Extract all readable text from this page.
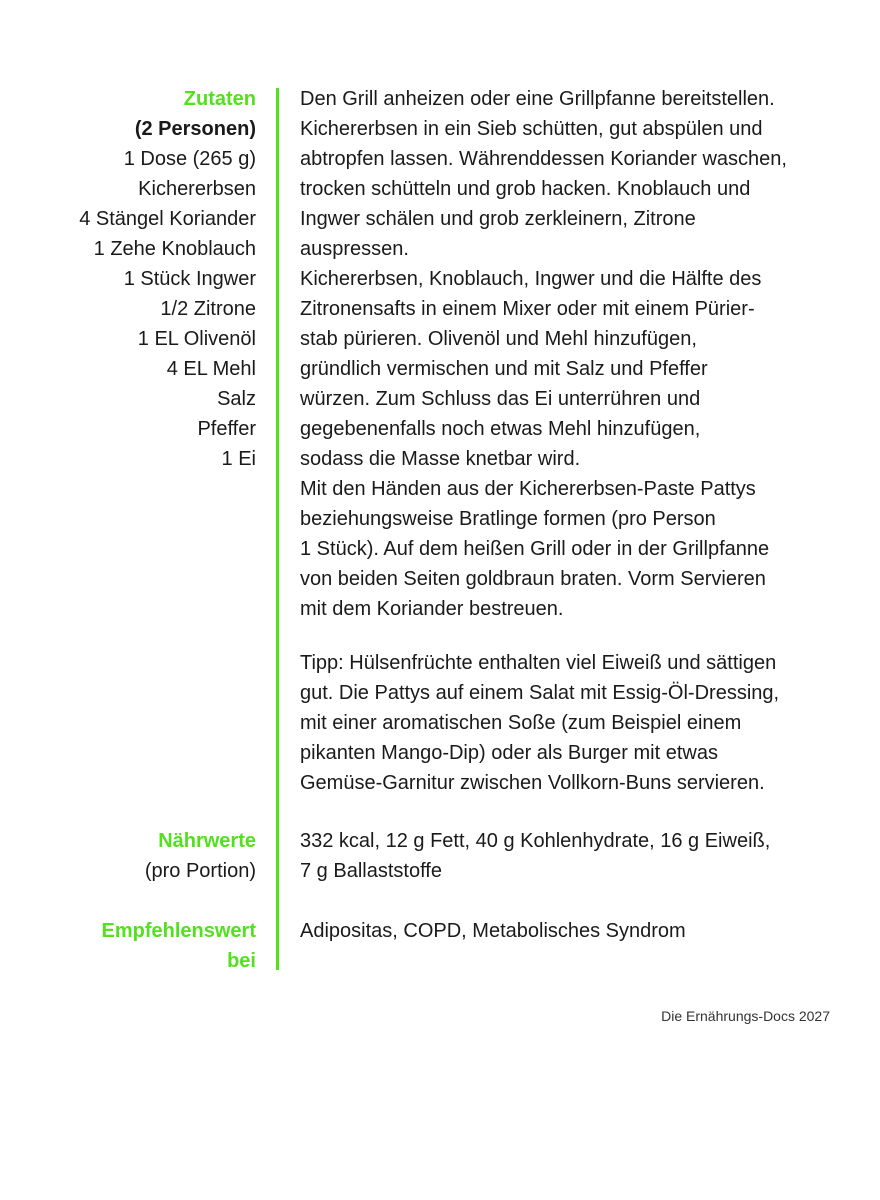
Zutaten
(2 Personen)
1 Dose (265 g)
Kichererbsen
4 Stängel Koriander
1 Zehe Knoblauch
1 Stück Ingwer
1/2 Zitrone
1 EL Olivenöl
4 EL Mehl
Salz
Pfeffer
1 Ei
Den Grill anheizen oder eine Grillpfanne bereitstellen.
Kichererbsen in ein Sieb schütten, gut abspülen und
abtropfen lassen. Währenddessen Koriander waschen,
trocken schütteln und grob hacken. Knoblauch und
Ingwer schälen und grob zerkleinern, Zitrone
auspressen.
Kichererbsen, Knoblauch, Ingwer und die Hälfte des
Zitronensafts in einem Mixer oder mit einem Pürier-
stab pürieren. Olivenöl und Mehl hinzufügen,
gründlich vermischen und mit Salz und Pfeffer
würzen. Zum Schluss das Ei unterrühren und
gegebenenfalls noch etwas Mehl hinzufügen,
sodass die Masse knetbar wird.
Mit den Händen aus der Kichererbsen-Paste Pattys
beziehungsweise Bratlinge formen (pro Person
1 Stück). Auf dem heißen Grill oder in der Grillpfanne
von beiden Seiten goldbraun braten. Vorm Servieren
mit dem Koriander bestreuen.
Tipp: Hülsenfrüchte enthalten viel Eiweiß und sättigen
gut. Die Pattys auf einem Salat mit Essig-Öl-Dressing,
mit einer aromatischen Soße (zum Beispiel einem
pikanten Mango-Dip) oder als Burger mit etwas
Gemüse-Garnitur zwischen Vollkorn-Buns servieren.
Nährwerte
(pro Portion)
332 kcal, 12 g Fett, 40 g Kohlenhydrate, 16 g Eiweiß,
7 g Ballaststoffe
Empfehlenswert
bei
Adipositas, COPD, Metabolisches Syndrom
Die Ernährungs-Docs 2027
